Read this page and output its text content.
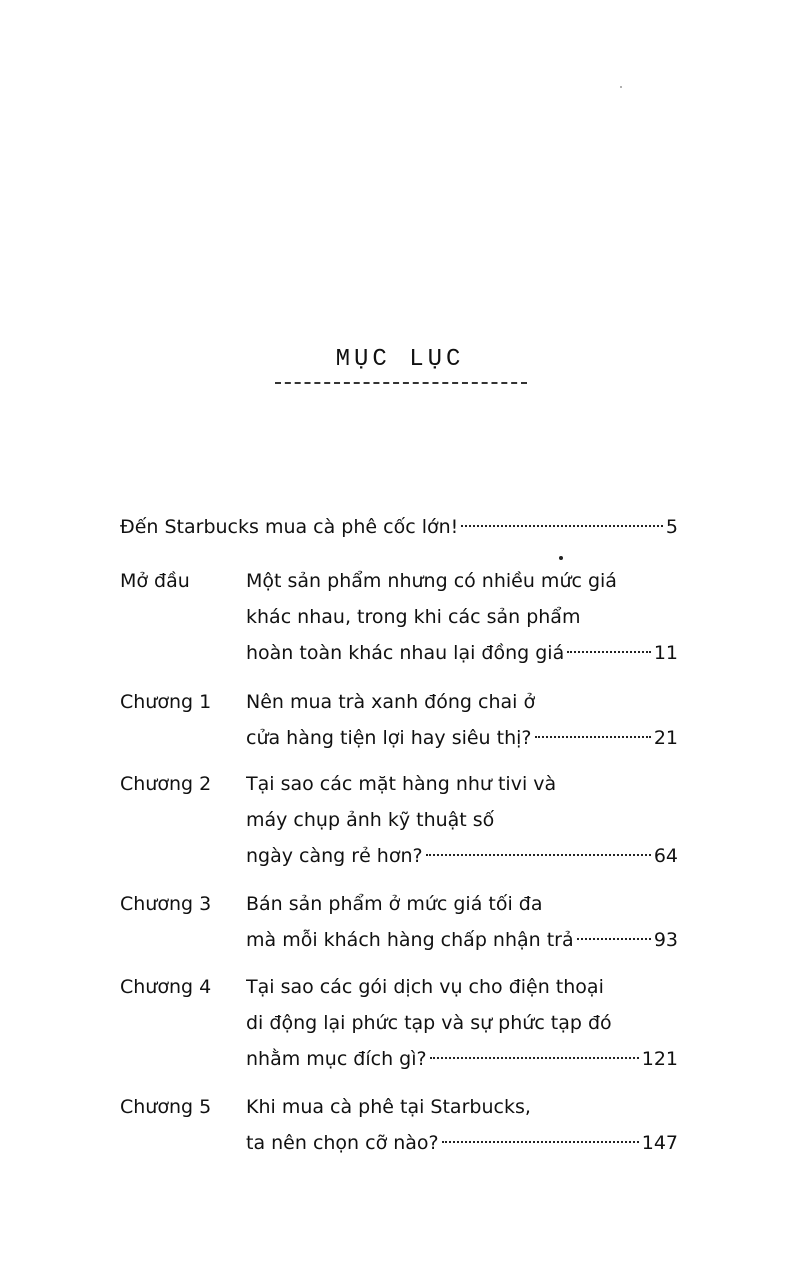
MỤC LỤC
Đến Starbucks mua cà phê cốc lớn!	5
Mở đầu	Một sản phẩm nhưng có nhiều mức giá
khác nhau, trong khi các sản phẩm
hoàn toàn khác nhau lại đồng giá	11
Chương 1 Nên mua trà xanh đóng chai ở
cửa hàng tiện lợi hay siêu thị?	21
Chương 2 Tại sao các mặt hàng như tivi và
máy chụp ảnh kỹ thuật số
ngày càng rẻ hơn?	64
Chương 3 Bán sản phẩm ở mức giá tối đa
mà mỗi khách hàng chấp nhận trả	93
Chương 4 Tại sao các gói dịch vụ cho điện thoại
di động lại phức tạp và sự phức tạp đó
nhằm mục đích gì?	121
Chương 5 Khi mua cà phê tại Starbucks,
ta nên chọn cỡ nào?	147
